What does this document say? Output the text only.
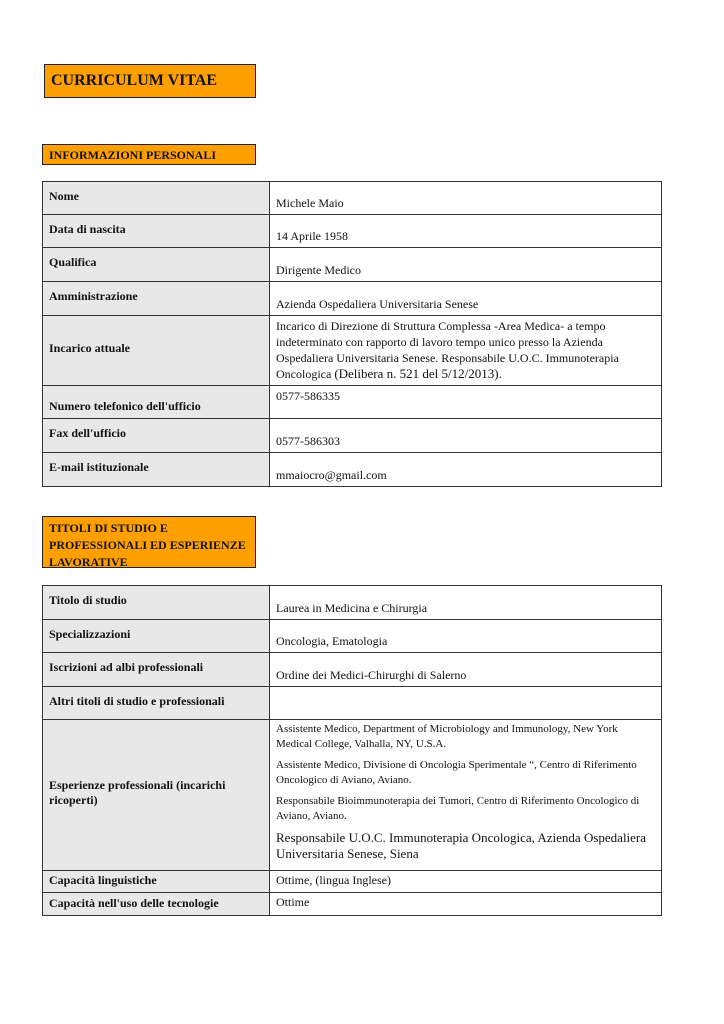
CURRICULUM VITAE
INFORMAZIONI PERSONALI
Nome	Michele Maio
Data di nascita	14 Aprile 1958
Qualifica	Dirigente Medico
Amministrazione	Azienda Ospedaliera Universitaria Senese
Incarico attuale	Incarico di Direzione di Struttura Complessa -Area Medica- a tempo indeterminato con rapporto di lavoro tempo unico presso la Azienda Ospedaliera Universitaria Senese. Responsabile U.O.C. Immunoterapia Oncologica (Delibera n. 521 del 5/12/2013).
Numero telefonico dell'ufficio	0577-586335
Fax dell'ufficio	0577-586303
E-mail istituzionale	mmaiocro@gmail.com
TITOLI DI STUDIO E PROFESSIONALI ED ESPERIENZE LAVORATIVE
Titolo di studio	Laurea in Medicina e Chirurgia
Specializzazioni	Oncologia, Ematologia
Iscrizioni ad albi professionali	Ordine dei Medici-Chirurghi di Salerno
Altri titoli di studio e professionali	
Esperienze professionali (incarichi ricoperti)	Assistente Medico, Department of Microbiology and Immunology, New York Medical College, Valhalla, NY, U.S.A.

Assistente Medico, Divisione di Oncologia Sperimentale “, Centro di Riferimento Oncologico di Aviano, Aviano.

Responsabile Bioimmunoterapia dei Tumori, Centro di Riferimento Oncologico di Aviano, Aviano.

Responsabile U.O.C. Immunoterapia Oncologica, Azienda Ospedaliera Universitaria Senese, Siena

Capacità linguistiche	Ottime, (lingua Inglese)
Capacità nell'uso delle tecnologie	Ottime
